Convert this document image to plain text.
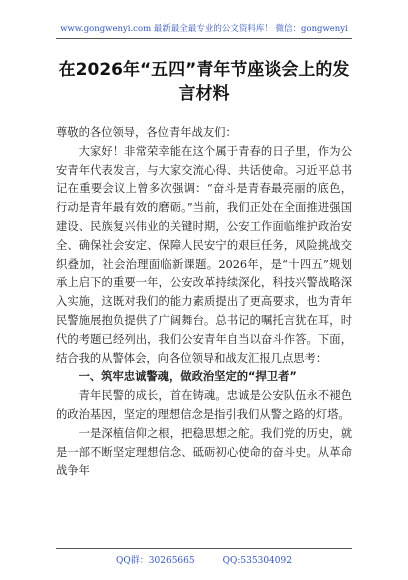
www.gongwenyi.com 最新最全最专业的公文资料库！ 微信：gongwenyi
在2026年“五四”青年节座谈会上的发言材料

尊敬的各位领导，各位青年战友们：

大家好！非常荣幸能在这个属于青春的日子里，作为公安青年代表发言，与大家交流心得、共话使命。习近平总书记在重要会议上曾多次强调：“奋斗是青春最亮丽的底色，行动是青年最有效的磨砺。”当前，我们正处在全面推进强国建设、民族复兴伟业的关键时期，公安工作面临维护政治安全、确保社会安定、保障人民安宁的艰巨任务，风险挑战交织叠加，社会治理面临新课题。2026年，是“十四五”规划承上启下的重要一年，公安改革持续深化，科技兴警战略深入实施，这既对我们的能力素质提出了更高要求，也为青年民警施展抱负提供了广阔舞台。总书记的嘱托言犹在耳，时代的考题已经列出，我们公安青年自当以奋斗作答。下面，结合我的从警体会，向各位领导和战友汇报几点思考：

一、筑牢忠诚警魂，做政治坚定的“捍卫者”

青年民警的成长，首在铸魂。忠诚是公安队伍永不褪色的政治基因，坚定的理想信念是指引我们从警之路的灯塔。

一是深植信仰之根，把稳思想之舵。我们党的历史，就是一部不断坚定理想信念、砥砺初心使命的奋斗史。从革命战争年

QQ群：30265665	QQ:535304092
